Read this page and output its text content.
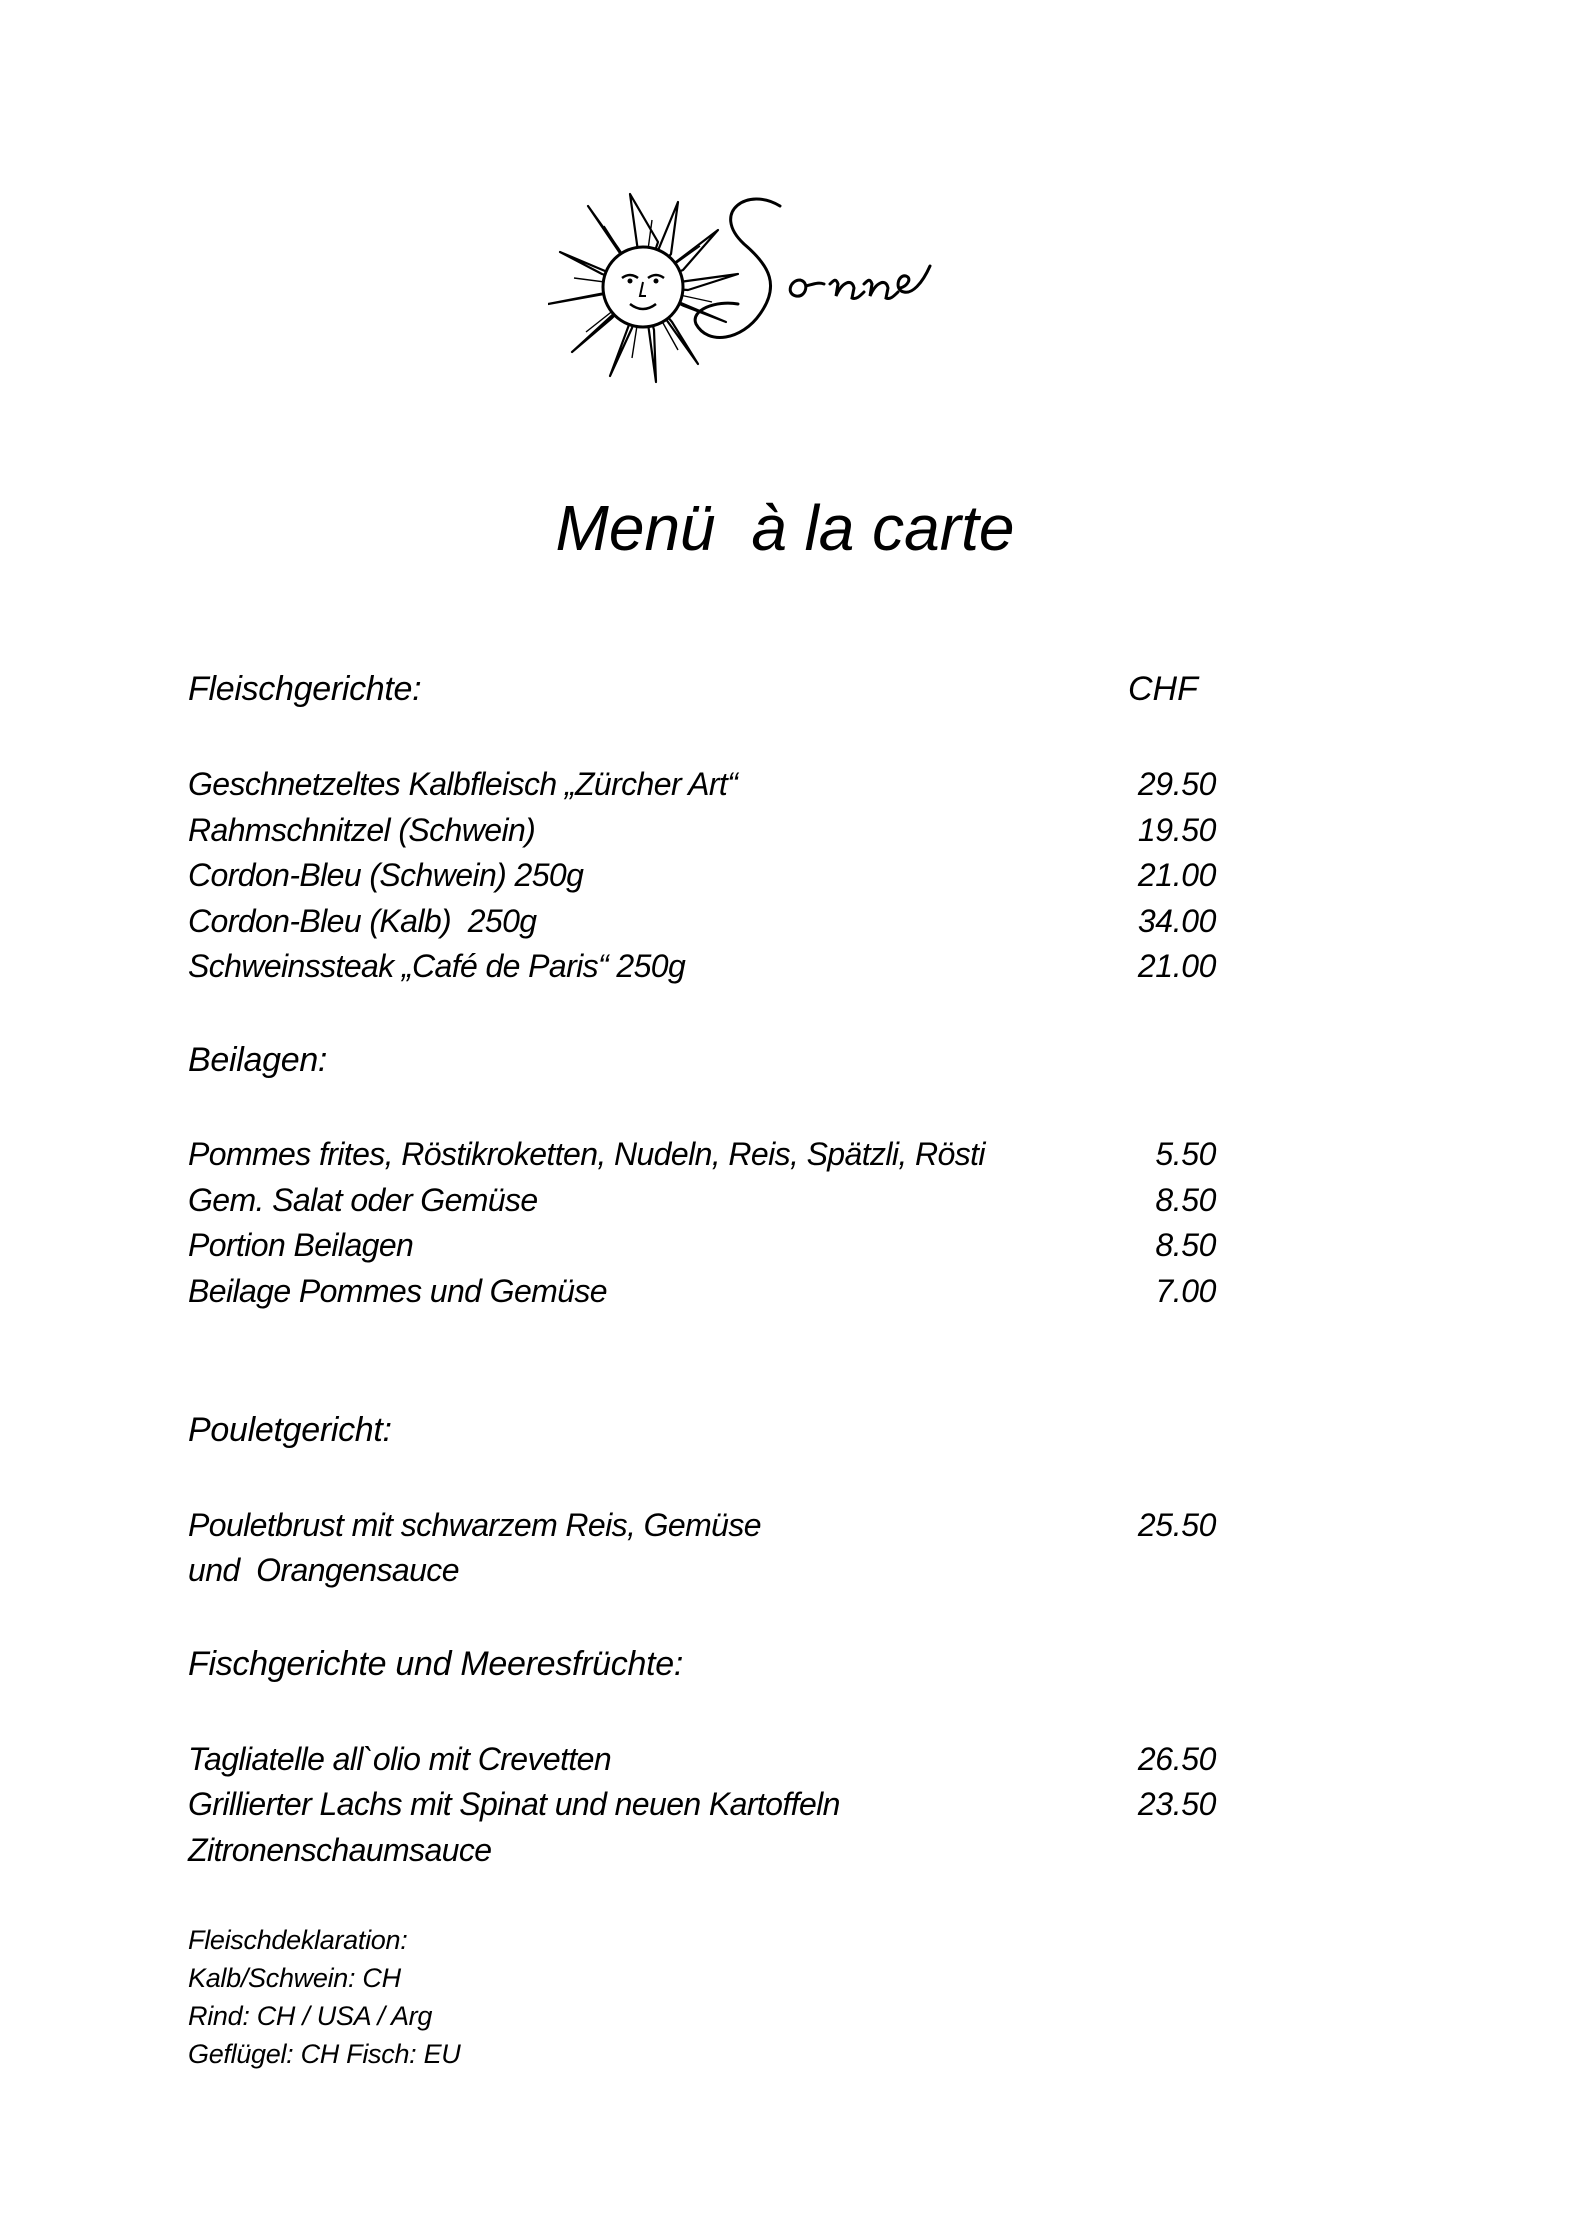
Menü  à la carte
Fleischgerichte:	CHF
Geschnetzeltes Kalbfleisch „Zürcher Art“	29.50
Rahmschnitzel (Schwein)	19.50
Cordon-Bleu (Schwein) 250g	21.00
Cordon-Bleu (Kalb)  250g	34.00
Schweinssteak „Café de Paris“ 250g	21.00
Beilagen:
Pommes frites, Röstikroketten, Nudeln, Reis, Spätzli, Rösti	5.50
Gem. Salat oder Gemüse	8.50
Portion Beilagen	8.50
Beilage Pommes und Gemüse	7.00
Pouletgericht:
Pouletbrust mit schwarzem Reis, Gemüse	25.50
und  Orangensauce
Fischgerichte und Meeresfrüchte:
Tagliatelle all`olio mit Crevetten	26.50
Grillierter Lachs mit Spinat und neuen Kartoffeln	23.50
Zitronenschaumsauce
Fleischdeklaration:
Kalb/Schwein: CH
Rind: CH / USA / Arg
Geflügel: CH Fisch: EU
